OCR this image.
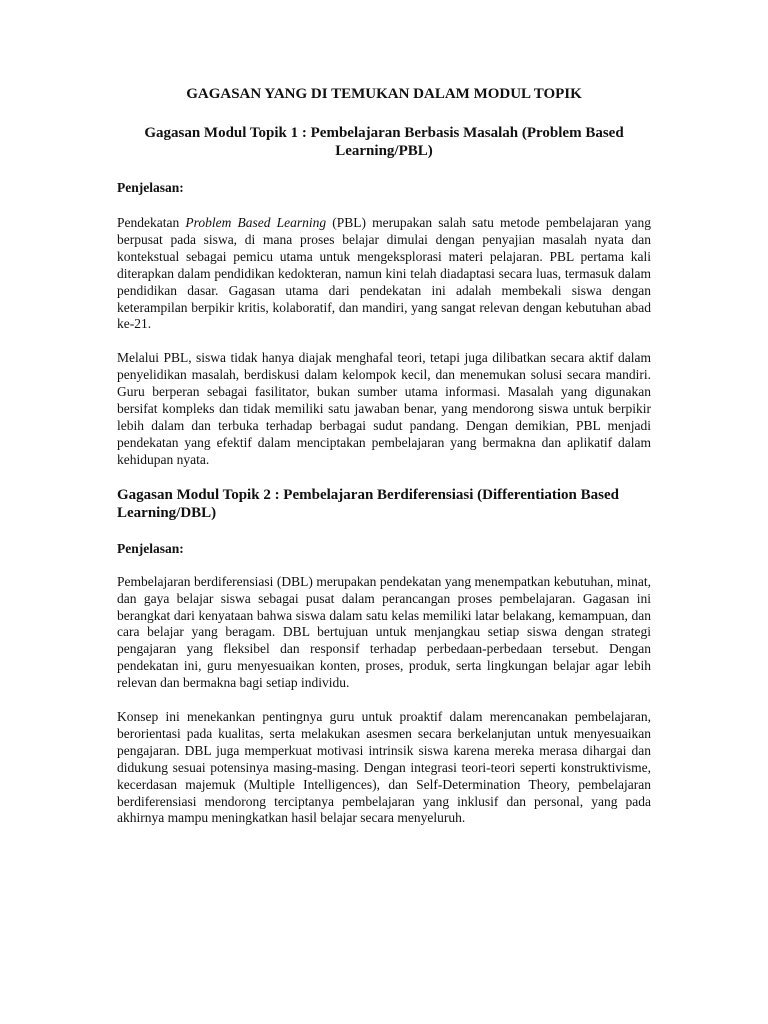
GAGASAN YANG DI TEMUKAN DALAM MODUL TOPIK
Gagasan Modul Topik 1 : Pembelajaran Berbasis Masalah (Problem Based Learning/PBL)

Penjelasan:

Pendekatan Problem Based Learning (PBL) merupakan salah satu metode pembelajaran yang berpusat pada siswa, di mana proses belajar dimulai dengan penyajian masalah nyata dan kontekstual sebagai pemicu utama untuk mengeksplorasi materi pelajaran. PBL pertama kali diterapkan dalam pendidikan kedokteran, namun kini telah diadaptasi secara luas, termasuk dalam pendidikan dasar. Gagasan utama dari pendekatan ini adalah membekali siswa dengan keterampilan berpikir kritis, kolaboratif, dan mandiri, yang sangat relevan dengan kebutuhan abad ke-21.

Melalui PBL, siswa tidak hanya diajak menghafal teori, tetapi juga dilibatkan secara aktif dalam penyelidikan masalah, berdiskusi dalam kelompok kecil, dan menemukan solusi secara mandiri. Guru berperan sebagai fasilitator, bukan sumber utama informasi. Masalah yang digunakan bersifat kompleks dan tidak memiliki satu jawaban benar, yang mendorong siswa untuk berpikir lebih dalam dan terbuka terhadap berbagai sudut pandang. Dengan demikian, PBL menjadi pendekatan yang efektif dalam menciptakan pembelajaran yang bermakna dan aplikatif dalam kehidupan nyata.

Gagasan Modul Topik 2 : Pembelajaran Berdiferensiasi (Differentiation Based Learning/DBL)

Penjelasan:

Pembelajaran berdiferensiasi (DBL) merupakan pendekatan yang menempatkan kebutuhan, minat, dan gaya belajar siswa sebagai pusat dalam perancangan proses pembelajaran. Gagasan ini berangkat dari kenyataan bahwa siswa dalam satu kelas memiliki latar belakang, kemampuan, dan cara belajar yang beragam. DBL bertujuan untuk menjangkau setiap siswa dengan strategi pengajaran yang fleksibel dan responsif terhadap perbedaan-perbedaan tersebut. Dengan pendekatan ini, guru menyesuaikan konten, proses, produk, serta lingkungan belajar agar lebih relevan dan bermakna bagi setiap individu.

Konsep ini menekankan pentingnya guru untuk proaktif dalam merencanakan pembelajaran, berorientasi pada kualitas, serta melakukan asesmen secara berkelanjutan untuk menyesuaikan pengajaran. DBL juga memperkuat motivasi intrinsik siswa karena mereka merasa dihargai dan didukung sesuai potensinya masing-masing. Dengan integrasi teori-teori seperti konstruktivisme, kecerdasan majemuk (Multiple Intelligences), dan Self-Determination Theory, pembelajaran berdiferensiasi mendorong terciptanya pembelajaran yang inklusif dan personal, yang pada akhirnya mampu meningkatkan hasil belajar secara menyeluruh.
